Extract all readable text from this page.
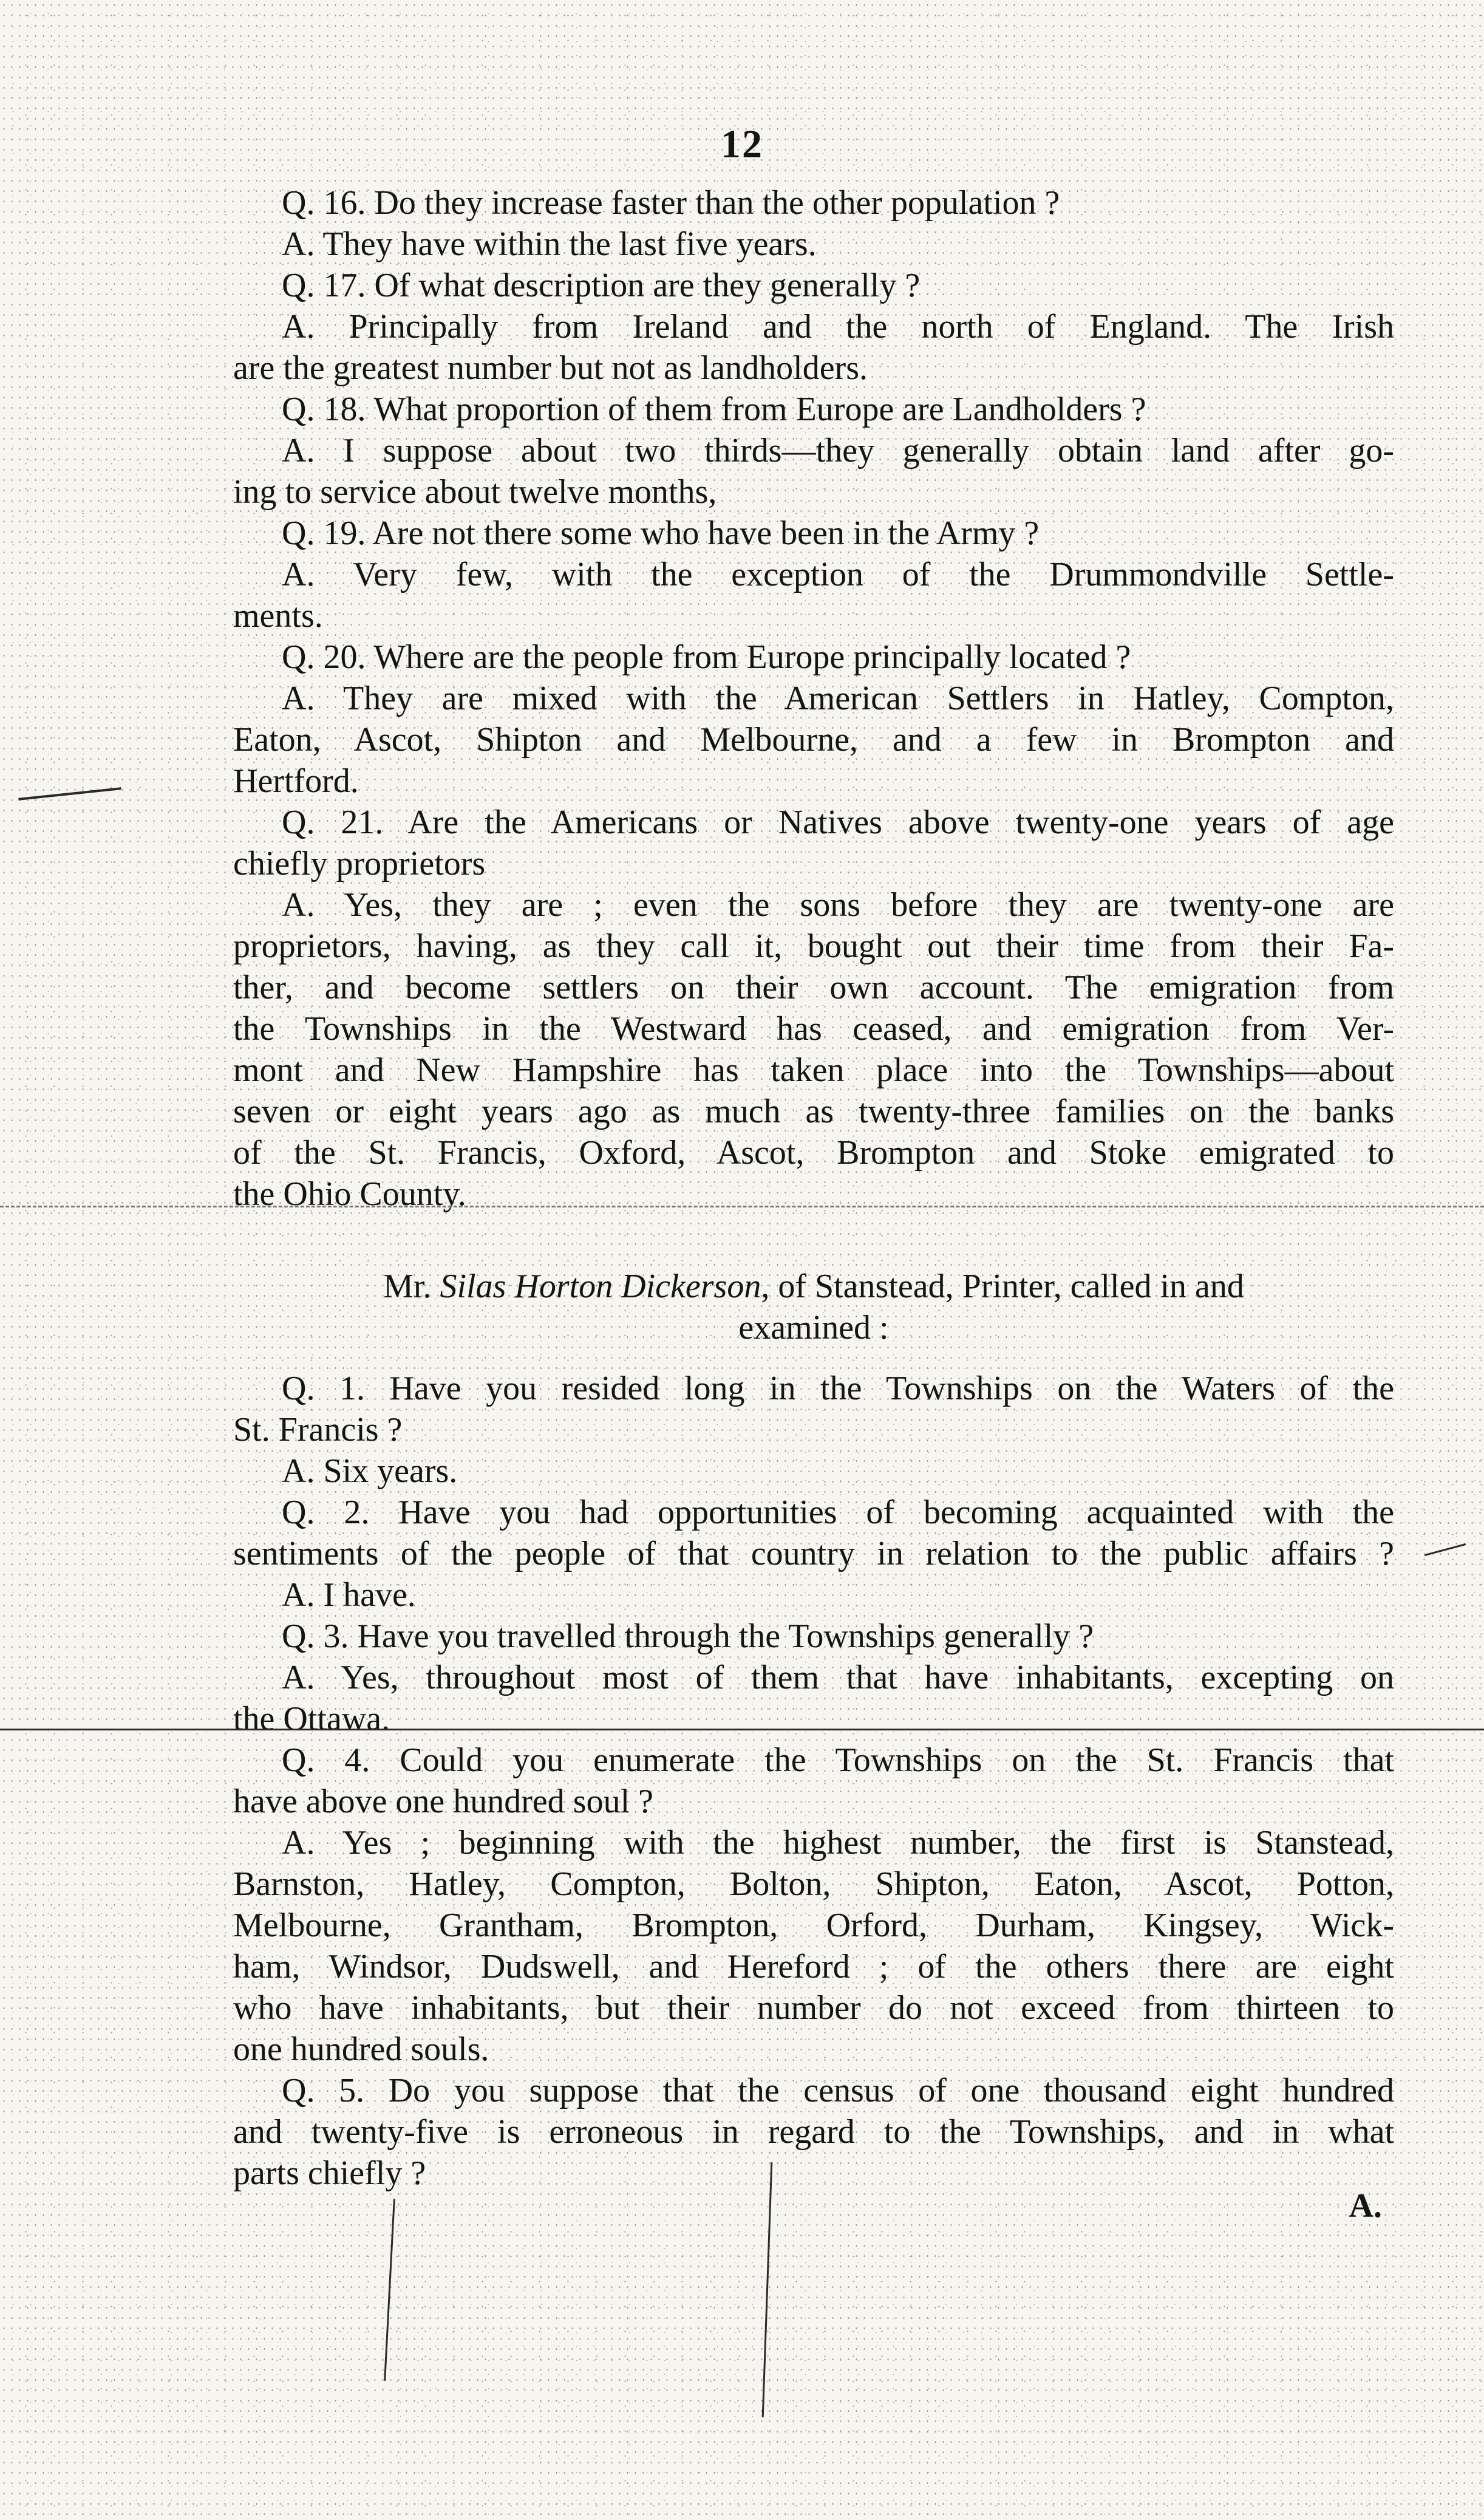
12
Q. 16. Do they increase faster than the other population ?
A. They have within the last five years.
Q. 17. Of what description are they generally ?
A. Principally from Ireland and the north of England. The Irish
are the greatest number but not as landholders.
Q. 18. What proportion of them from Europe are Landholders ?
A. I suppose about two thirds—they generally obtain land after go-
ing to service about twelve months,
Q. 19. Are not there some who have been in the Army ?
A. Very few, with the exception of the Drummondville Settle-
ments.
Q. 20. Where are the people from Europe principally located ?
A. They are mixed with the American Settlers in Hatley, Compton,
Eaton, Ascot, Shipton and Melbourne, and a few in Brompton and
Hertford.
Q. 21. Are the Americans or Natives above twenty-one years of age
chiefly proprietors
A. Yes, they are ; even the sons before they are twenty-one are
proprietors, having, as they call it, bought out their time from their Fa-
ther, and become settlers on their own account. The emigration from
the Townships in the Westward has ceased, and emigration from Ver-
mont and New Hampshire has taken place into the Townships—about
seven or eight years ago as much as twenty-three families on the banks
of the St. Francis, Oxford, Ascot, Brompton and Stoke emigrated to
the Ohio County.
Mr. Silas Horton Dickerson, of Stanstead, Printer, called in and
examined :
Q. 1. Have you resided long in the Townships on the Waters of the
St. Francis ?
A. Six years.
Q. 2. Have you had opportunities of becoming acquainted with the
sentiments of the people of that country in relation to the public affairs ?
A. I have.
Q. 3. Have you travelled through the Townships generally ?
A. Yes, throughout most of them that have inhabitants, excepting on
the Ottawa.
Q. 4. Could you enumerate the Townships on the St. Francis that
have above one hundred soul ?
A. Yes ; beginning with the highest number, the first is Stanstead,
Barnston, Hatley, Compton, Bolton, Shipton, Eaton, Ascot, Potton,
Melbourne, Grantham, Brompton, Orford, Durham, Kingsey, Wick-
ham, Windsor, Dudswell, and Hereford ; of the others there are eight
who have inhabitants, but their number do not exceed from thirteen to
one hundred souls.
Q. 5. Do you suppose that the census of one thousand eight hundred
and twenty-five is erroneous in regard to the Townships, and in what
parts chiefly ?
A.
